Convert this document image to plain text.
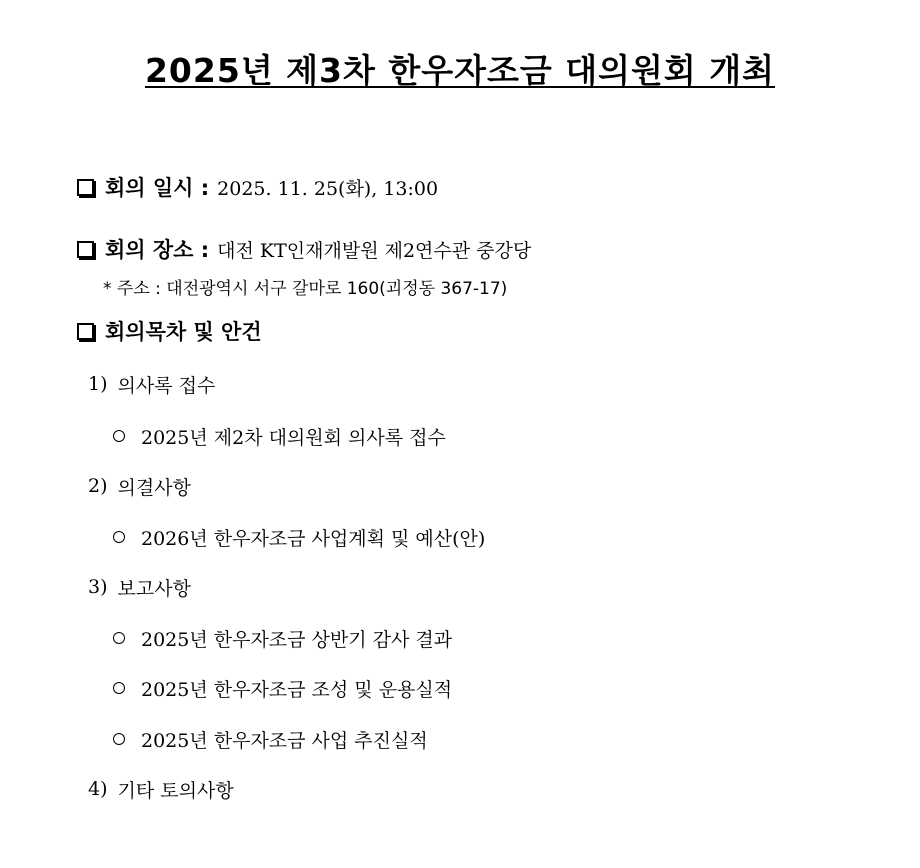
2025년 제3차 한우자조금 대의원회 개최
회의 일시 : 2025. 11. 25(화), 13:00
회의 장소 : 대전 KT인재개발원 제2연수관 중강당
* 주소 : 대전광역시 서구 갈마로 160(괴정동 367-17)
회의목차 및 안건
1) 의사록 접수
2025년 제2차 대의원회 의사록 접수
2) 의결사항
2026년 한우자조금 사업계획 및 예산(안)
3) 보고사항
2025년 한우자조금 상반기 감사 결과
2025년 한우자조금 조성 및 운용실적
2025년 한우자조금 사업 추진실적
4) 기타 토의사항
